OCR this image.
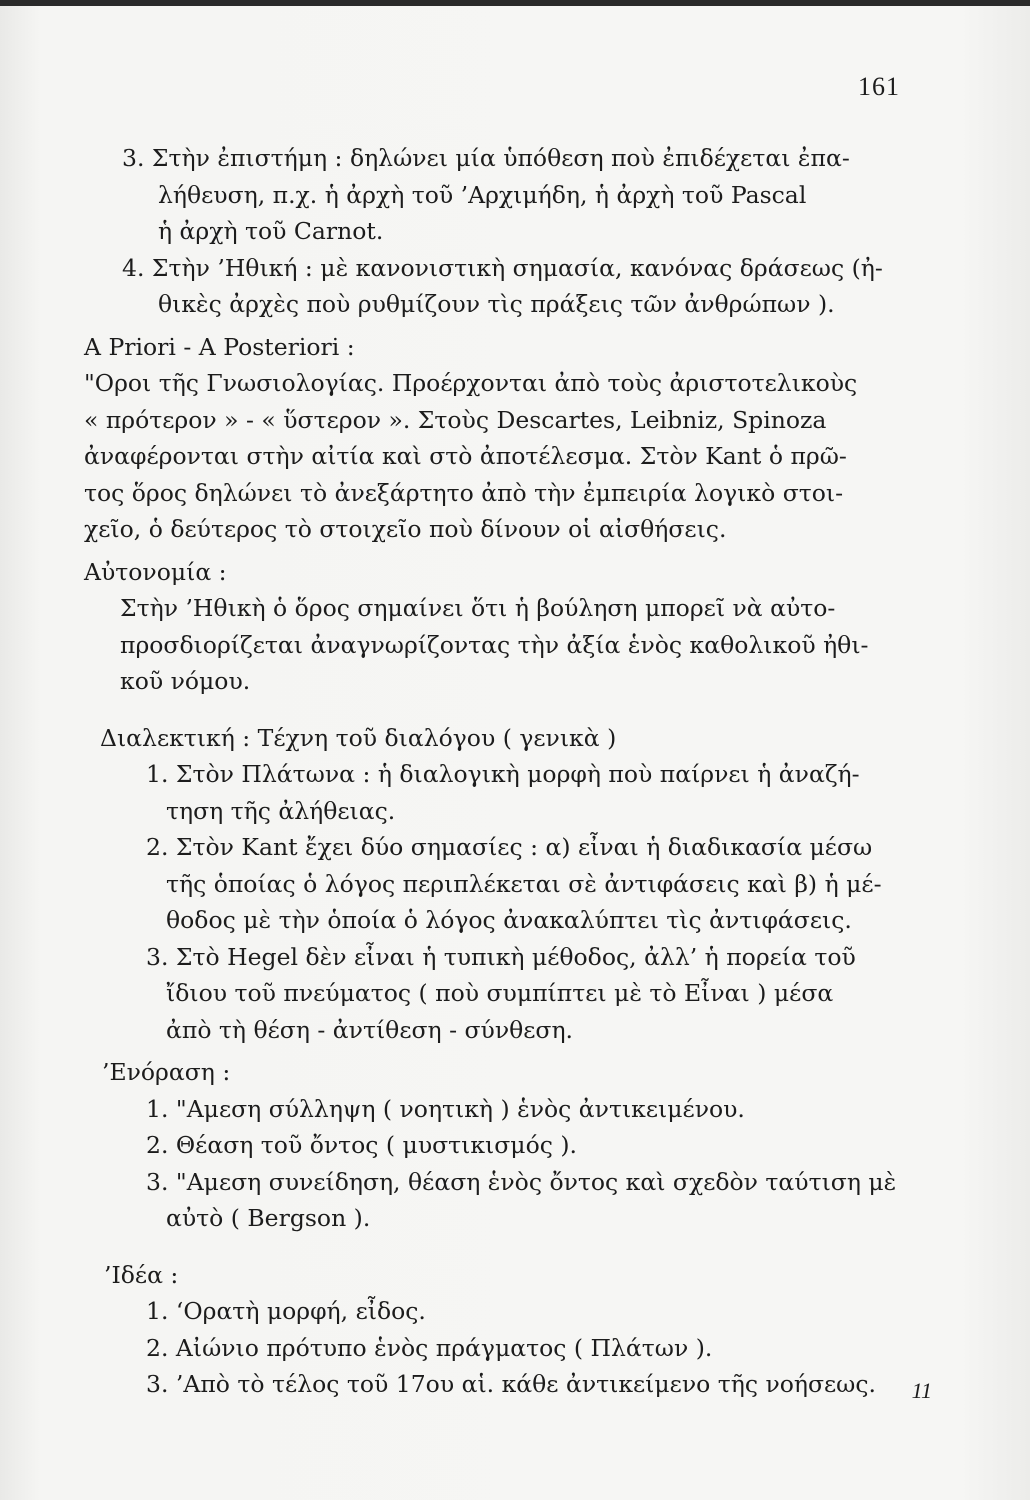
161
3. Στὴν ἐπιστήμη : δηλώνει μία ὑπόθεση ποὺ ἐπιδέχεται ἐπα-
λήθευση, π.χ. ἡ ἀρχὴ τοῦ ’Αρχιμήδη, ἡ ἀρχὴ τοῦ Pascal
ἡ ἀρχὴ τοῦ Carnot.
4. Στὴν ’Ηθική : μὲ κανονιστικὴ σημασία, κανόνας δράσεως (ἠ-
θικὲς ἀρχὲς ποὺ ρυθμίζουν τὶς πράξεις τῶν ἀνθρώπων ).
A Priori - A Posteriori :
"Οροι τῆς Γνωσιολογίας. Προέρχονται ἀπὸ τοὺς ἀριστοτελικοὺς
« πρότερον » - « ὕστερον ». Στοὺς Descartes, Leibniz, Spinoza
ἀναφέρονται στὴν αἰτία καὶ στὸ ἀποτέλεσμα. Στὸν Kant ὁ πρῶ-
τος ὅρος δηλώνει τὸ ἀνεξάρτητο ἀπὸ τὴν ἐμπειρία λογικὸ στοι-
χεῖο, ὁ δεύτερος τὸ στοιχεῖο ποὺ δίνουν οἱ αἰσθήσεις.
Αὐτονομία :
Στὴν ’Ηθικὴ ὁ ὅρος σημαίνει ὅτι ἡ βούληση μπορεῖ νὰ αὐτο-
προσδιορίζεται ἀναγνωρίζοντας τὴν ἀξία ἑνὸς καθολικοῦ ἠθι-
κοῦ νόμου.
Διαλεκτική : Τέχνη τοῦ διαλόγου ( γενικὰ )
1. Στὸν Πλάτωνα : ἡ διαλογικὴ μορφὴ ποὺ παίρνει ἡ ἀναζή-
τηση τῆς ἀλήθειας.
2. Στὸν Kant ἔχει δύο σημασίες : α) εἶναι ἡ διαδικασία μέσω
τῆς ὁποίας ὁ λόγος περιπλέκεται σὲ ἀντιφάσεις καὶ β) ἡ μέ-
θοδος μὲ τὴν ὁποία ὁ λόγος ἀνακαλύπτει τὶς ἀντιφάσεις.
3. Στὸ Hegel δὲν εἶναι ἡ τυπικὴ μέθοδος, ἀλλ’ ἡ πορεία τοῦ
ἴδιου τοῦ πνεύματος ( ποὺ συμπίπτει μὲ τὸ Εἶναι ) μέσα
ἀπὸ τὴ θέση - ἀντίθεση - σύνθεση.
’Ενόραση :
1. "Αμεση σύλληψη ( νοητικὴ ) ἑνὸς ἀντικειμένου.
2. Θέαση τοῦ ὄντος ( μυστικισμός ).
3. "Αμεση συνείδηση, θέαση ἑνὸς ὄντος καὶ σχεδὸν ταύτιση μὲ
αὐτὸ ( Bergson ).
’Ιδέα :
1. ‘Ορατὴ μορφή, εἶδος.
2. Αἰώνιο πρότυπο ἑνὸς πράγματος ( Πλάτων ).
3. ’Απὸ τὸ τέλος τοῦ 17ου αἱ. κάθε ἀντικείμενο τῆς νοήσεως.	11
